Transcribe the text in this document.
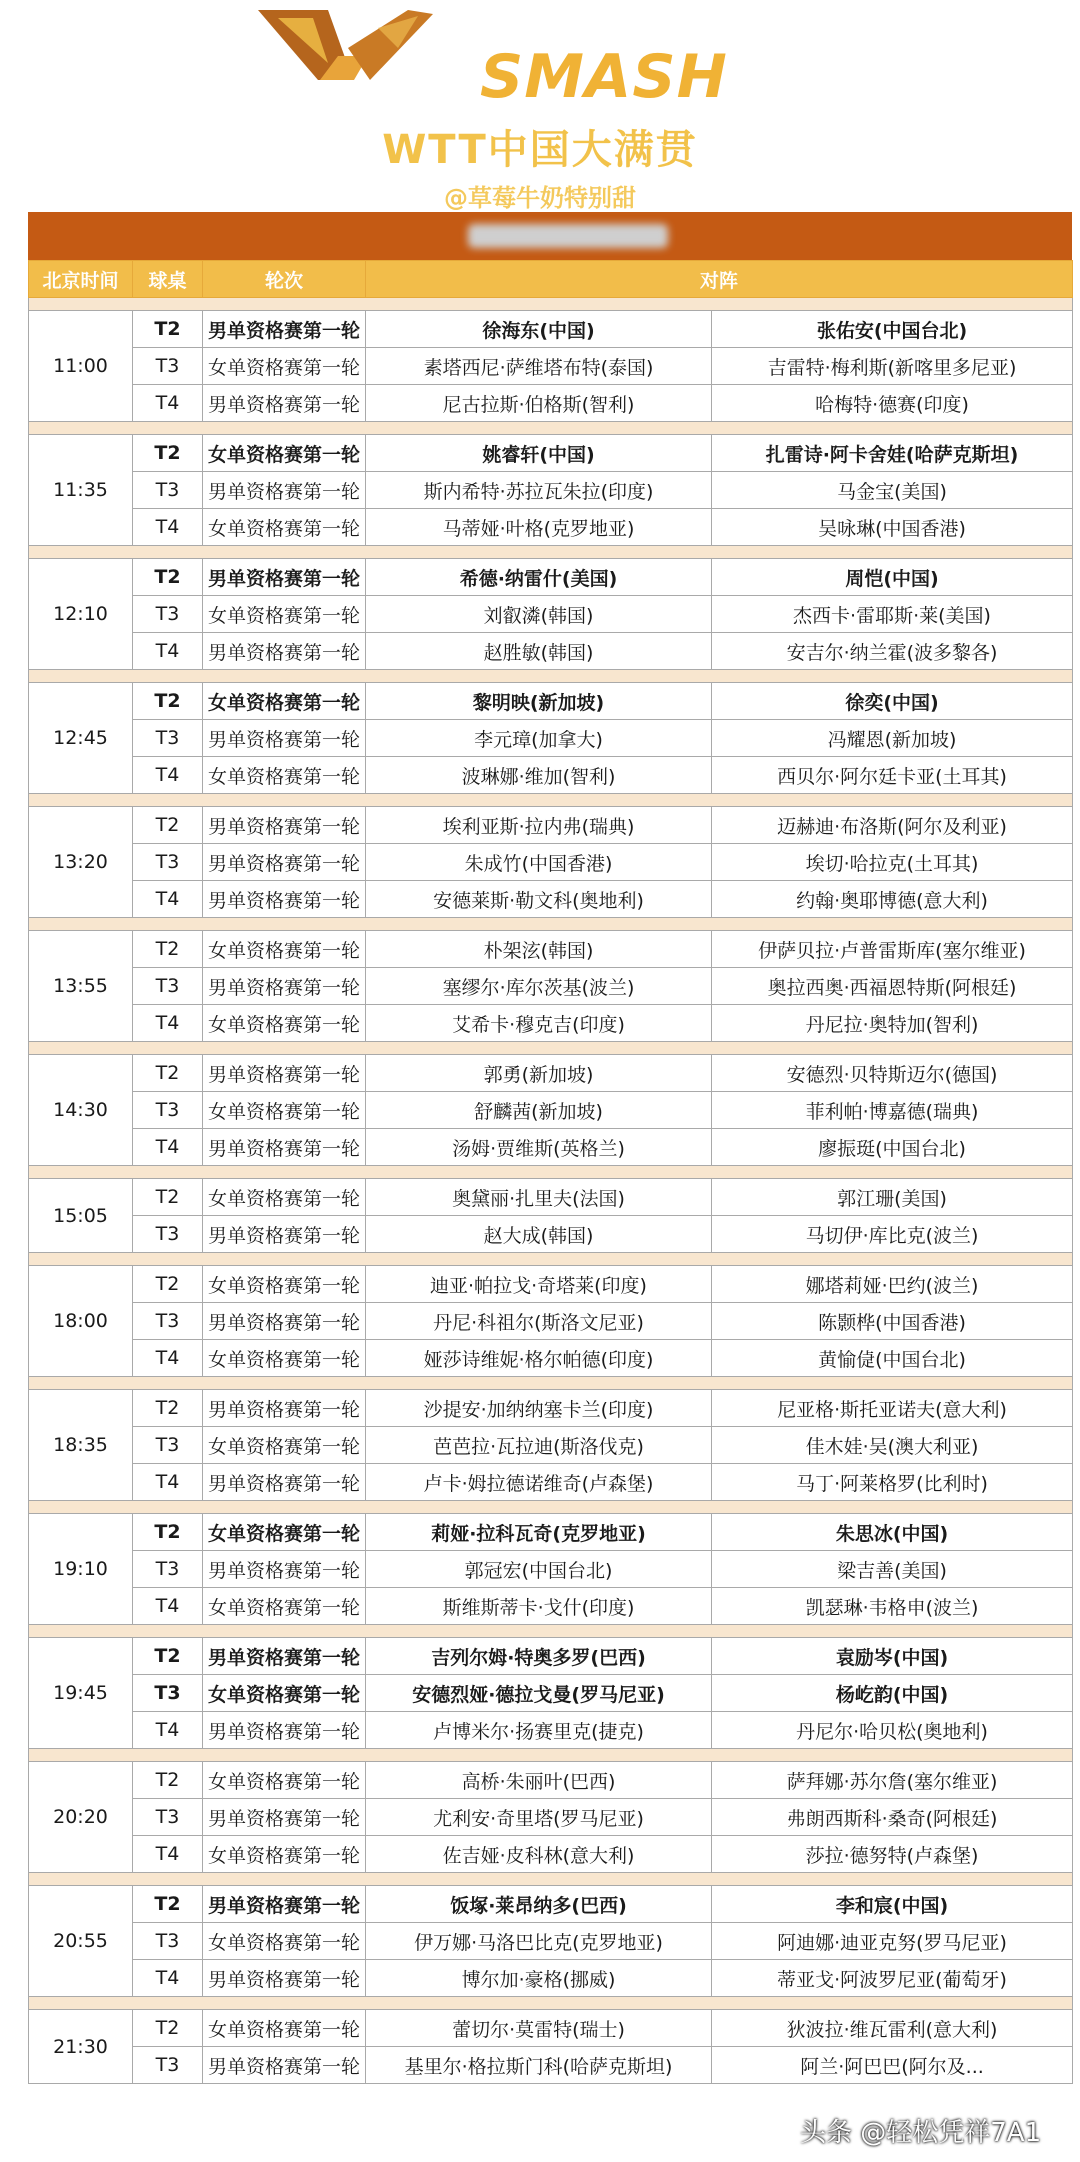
SMASH
WTT中国大满贯
@草莓牛奶特别甜
北京时间	球桌	轮次	对阵	

11:00	T2	男单资格赛第一轮	徐海东(中国)	张佑安(中国台北)
	T3	女单资格赛第一轮	素塔西尼·萨维塔布特(泰国)	吉雷特·梅利斯(新喀里多尼亚)
	T4	男单资格赛第一轮	尼古拉斯·伯格斯(智利)	哈梅特·德赛(印度)

11:35	T2	女单资格赛第一轮	姚睿轩(中国)	扎雷诗·阿卡舍娃(哈萨克斯坦)
	T3	男单资格赛第一轮	斯内希特·苏拉瓦朱拉(印度)	马金宝(美国)
	T4	女单资格赛第一轮	马蒂娅·叶格(克罗地亚)	吴咏琳(中国香港)

12:10	T2	男单资格赛第一轮	希德·纳雷什(美国)	周恺(中国)
	T3	女单资格赛第一轮	刘叡潾(韩国)	杰西卡·雷耶斯·莱(美国)
	T4	男单资格赛第一轮	赵胜敏(韩国)	安吉尔·纳兰霍(波多黎各)

12:45	T2	女单资格赛第一轮	黎明映(新加坡)	徐奕(中国)
	T3	男单资格赛第一轮	李元璋(加拿大)	冯耀恩(新加坡)
	T4	女单资格赛第一轮	波琳娜·维加(智利)	西贝尔·阿尔廷卡亚(土耳其)

13:20	T2	男单资格赛第一轮	埃利亚斯·拉内弗(瑞典)	迈赫迪·布洛斯(阿尔及利亚)
	T3	男单资格赛第一轮	朱成竹(中国香港)	埃切·哈拉克(土耳其)
	T4	男单资格赛第一轮	安德莱斯·勒文科(奥地利)	约翰·奥耶博德(意大利)

13:55	T2	女单资格赛第一轮	朴架泫(韩国)	伊萨贝拉·卢普雷斯库(塞尔维亚)
	T3	男单资格赛第一轮	塞缪尔·库尔茨基(波兰)	奥拉西奥·西福恩特斯(阿根廷)
	T4	女单资格赛第一轮	艾希卡·穆克吉(印度)	丹尼拉·奥特加(智利)

14:30	T2	男单资格赛第一轮	郭勇(新加坡)	安德烈·贝特斯迈尔(德国)
	T3	女单资格赛第一轮	舒麟茜(新加坡)	菲利帕·博嘉德(瑞典)
	T4	男单资格赛第一轮	汤姆·贾维斯(英格兰)	廖振珽(中国台北)

15:05	T2	女单资格赛第一轮	奥黛丽·扎里夫(法国)	郭江珊(美国)
	T3	男单资格赛第一轮	赵大成(韩国)	马切伊·库比克(波兰)

18:00	T2	女单资格赛第一轮	迪亚·帕拉戈·奇塔莱(印度)	娜塔莉娅·巴约(波兰)
	T3	男单资格赛第一轮	丹尼·科祖尔(斯洛文尼亚)	陈颢桦(中国香港)
	T4	女单资格赛第一轮	娅莎诗维妮·格尔帕德(印度)	黄愉偼(中国台北)

18:35	T2	男单资格赛第一轮	沙提安·加纳纳塞卡兰(印度)	尼亚格·斯托亚诺夫(意大利)
	T3	女单资格赛第一轮	芭芭拉·瓦拉迪(斯洛伐克)	佳木娃·吴(澳大利亚)
	T4	男单资格赛第一轮	卢卡·姆拉德诺维奇(卢森堡)	马丁·阿莱格罗(比利时)

19:10	T2	女单资格赛第一轮	莉娅·拉科瓦奇(克罗地亚)	朱思冰(中国)
	T3	男单资格赛第一轮	郭冠宏(中国台北)	梁吉善(美国)
	T4	女单资格赛第一轮	斯维斯蒂卡·戈什(印度)	凯瑟琳·韦格申(波兰)

19:45	T2	男单资格赛第一轮	吉列尔姆·特奥多罗(巴西)	袁励岑(中国)
	T3	女单资格赛第一轮	安德烈娅·德拉戈曼(罗马尼亚)	杨屹韵(中国)
	T4	男单资格赛第一轮	卢博米尔·扬赛里克(捷克)	丹尼尔·哈贝松(奥地利)

20:20	T2	女单资格赛第一轮	高桥·朱丽叶(巴西)	萨拜娜·苏尔詹(塞尔维亚)
	T3	男单资格赛第一轮	尤利安·奇里塔(罗马尼亚)	弗朗西斯科·桑奇(阿根廷)
	T4	女单资格赛第一轮	佐吉娅·皮科林(意大利)	莎拉·德努特(卢森堡)

20:55	T2	男单资格赛第一轮	饭塚·莱昂纳多(巴西)	李和宸(中国)
	T3	女单资格赛第一轮	伊万娜·马洛巴比克(克罗地亚)	阿迪娜·迪亚克努(罗马尼亚)
	T4	男单资格赛第一轮	博尔加·豪格(挪威)	蒂亚戈·阿波罗尼亚(葡萄牙)

21:30	T2	女单资格赛第一轮	蕾切尔·莫雷特(瑞士)	狄波拉·维瓦雷利(意大利)
	T3	男单资格赛第一轮	基里尔·格拉斯门科(哈萨克斯坦)	阿兰·阿巴巴(阿尔及...
头条 @轻松凭祥7A1
